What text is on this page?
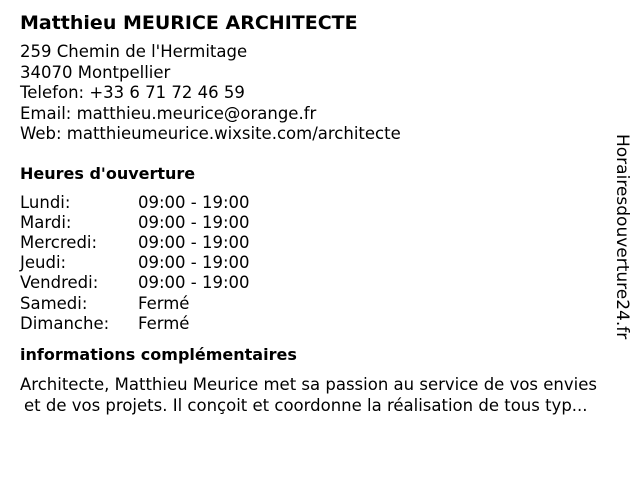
Matthieu MEURICE ARCHITECTE
259 Chemin de l'Hermitage
34070 Montpellier
Telefon: +33 6 71 72 46 59
Email: matthieu.meurice@orange.fr
Web: matthieumeurice.wixsite.com/architecte
Heures d'ouverture
Lundi:	09:00 - 19:00
Mardi:	09:00 - 19:00
Mercredi:	09:00 - 19:00
Jeudi:	09:00 - 19:00
Vendredi:	09:00 - 19:00
Samedi:	Fermé
Dimanche:	Fermé
informations complémentaires
Architecte, Matthieu Meurice met sa passion au service de vos envies
et de vos projets. Il conçoit et coordonne la réalisation de tous typ...
Horairesdouverture24.fr
